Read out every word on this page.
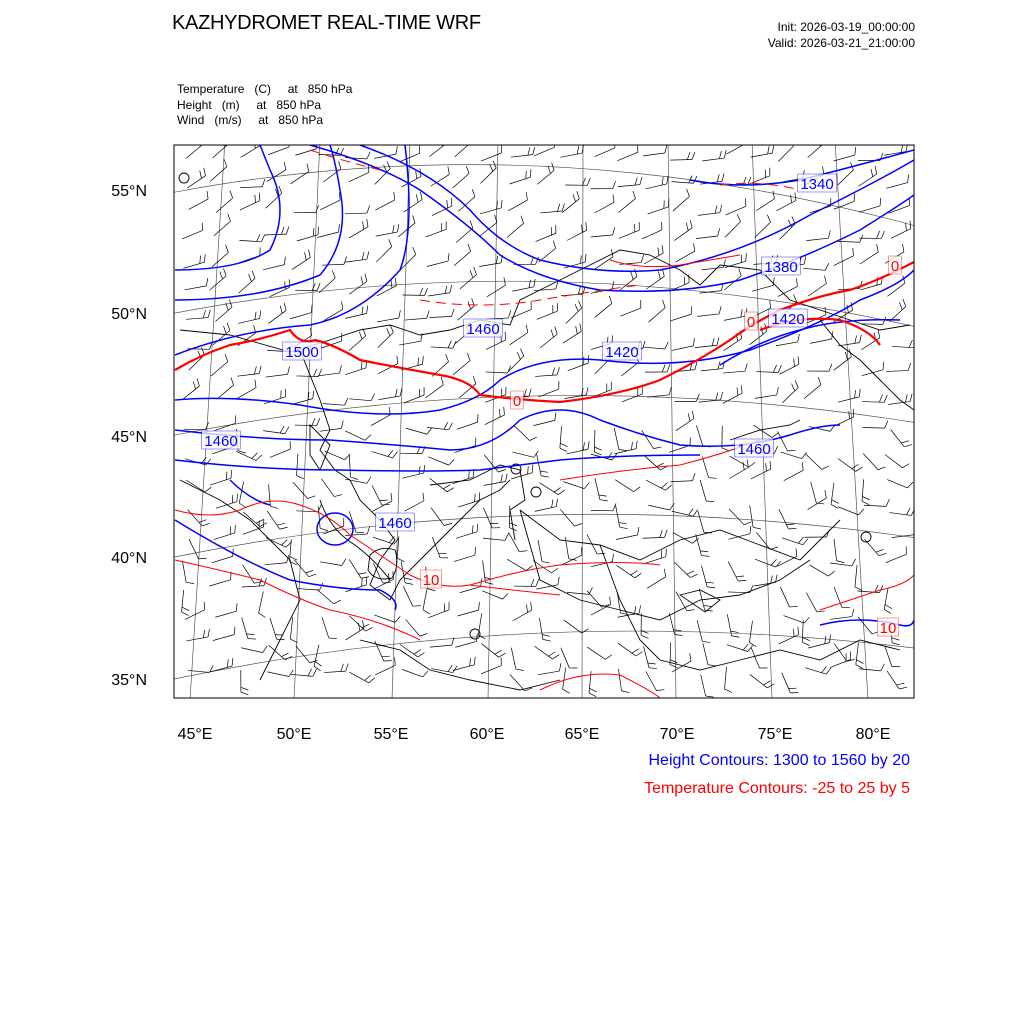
KAZHYDROMET REAL-TIME WRF	Init: 2026-03-19_00:00:00
Valid: 2026-03-21_21:00:00
Temperature   (C)     at   850 hPa
Height   (m)     at   850 hPa
Wind   (m/s)     at   850 hPa
1340
1380
1420
1460
1420
1500
1460
1460
1460
0
0
0
10
10
55°N
50°N
45°N
40°N
35°N
45°E	50°E	55°E	60°E	65°E	70°E	75°E	80°E
Height Contours: 1300 to 1560 by 20
Temperature Contours: -25 to 25 by 5
